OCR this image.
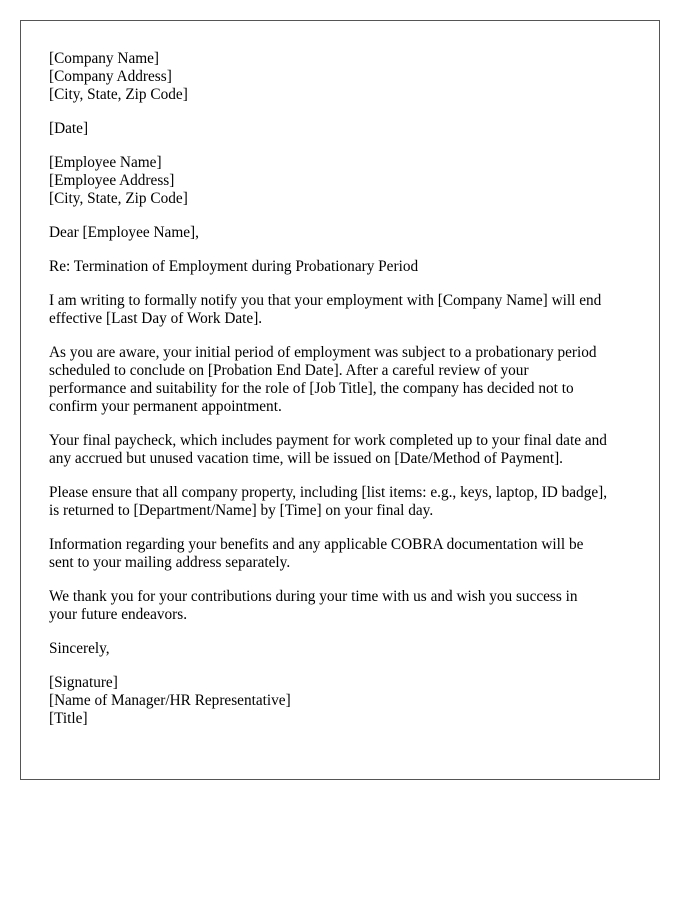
[Company Name]
[Company Address]
[City, State, Zip Code]
[Date]
[Employee Name]
[Employee Address]
[City, State, Zip Code]
Dear [Employee Name],
Re: Termination of Employment during Probationary Period
I am writing to formally notify you that your employment with [Company Name] will end
effective [Last Day of Work Date].
As you are aware, your initial period of employment was subject to a probationary period
scheduled to conclude on [Probation End Date]. After a careful review of your
performance and suitability for the role of [Job Title], the company has decided not to
confirm your permanent appointment.
Your final paycheck, which includes payment for work completed up to your final date and
any accrued but unused vacation time, will be issued on [Date/Method of Payment].
Please ensure that all company property, including [list items: e.g., keys, laptop, ID badge],
is returned to [Department/Name] by [Time] on your final day.
Information regarding your benefits and any applicable COBRA documentation will be
sent to your mailing address separately.
We thank you for your contributions during your time with us and wish you success in
your future endeavors.
Sincerely,
[Signature]
[Name of Manager/HR Representative]
[Title]
